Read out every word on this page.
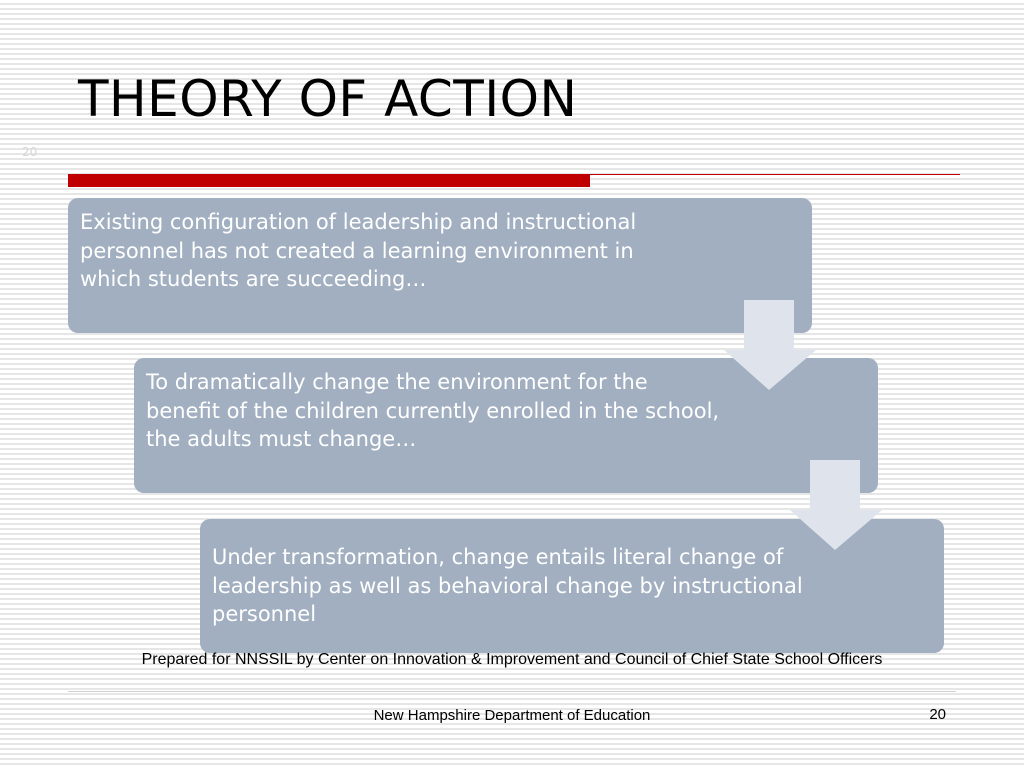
THEORY OF ACTION
20
Existing configuration of leadership and instructional personnel has not created a learning environment in which students are succeeding…
To dramatically change the environment for the benefit of the children currently enrolled in the school, the adults must change…
Under transformation, change entails literal change of leadership as well as behavioral change by instructional personnel
Prepared for NNSSIL by Center on Innovation & Improvement and Council of Chief State School Officers
New Hampshire Department of Education	20
